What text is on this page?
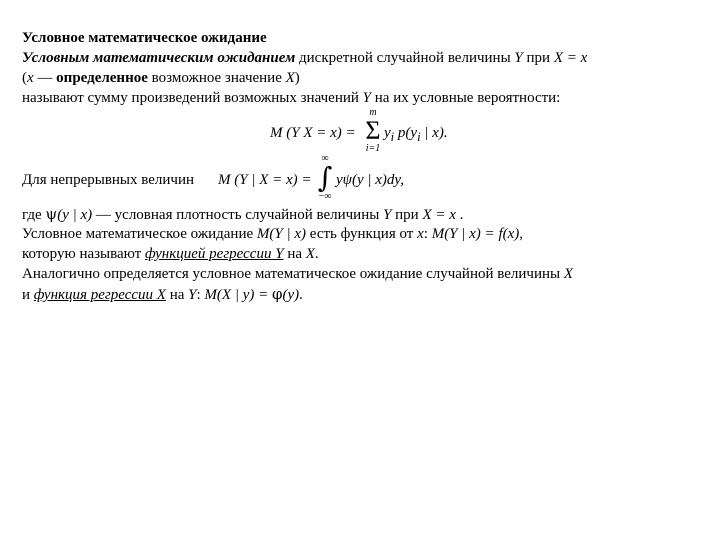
Условное математическое ожидание
Условным математическим ожиданием дискретной случайной величины Y при X = x
(x — определенное возможное значение X)
называют сумму произведений возможных значений Y на их условные вероятности:
M (Y X = x) =
m
Σ
i=1
$y_i$ $p(y_i$ | x).
Для непрерывных величин M (Y | X = x) =
∞
∫
−∞
yψ(y | x)dy,
где ψ(y | x) — условная плотность случайной величины Y при X = x .
Условное математическое ожидание M(Y | x) есть функция от x: M(Y | x) = f(x),
которую называют функцией регрессии Y на X.
Аналогично определяется условное математическое ожидание случайной величины X
и функция регрессии X на Y: M(X | y) = φ(y).
